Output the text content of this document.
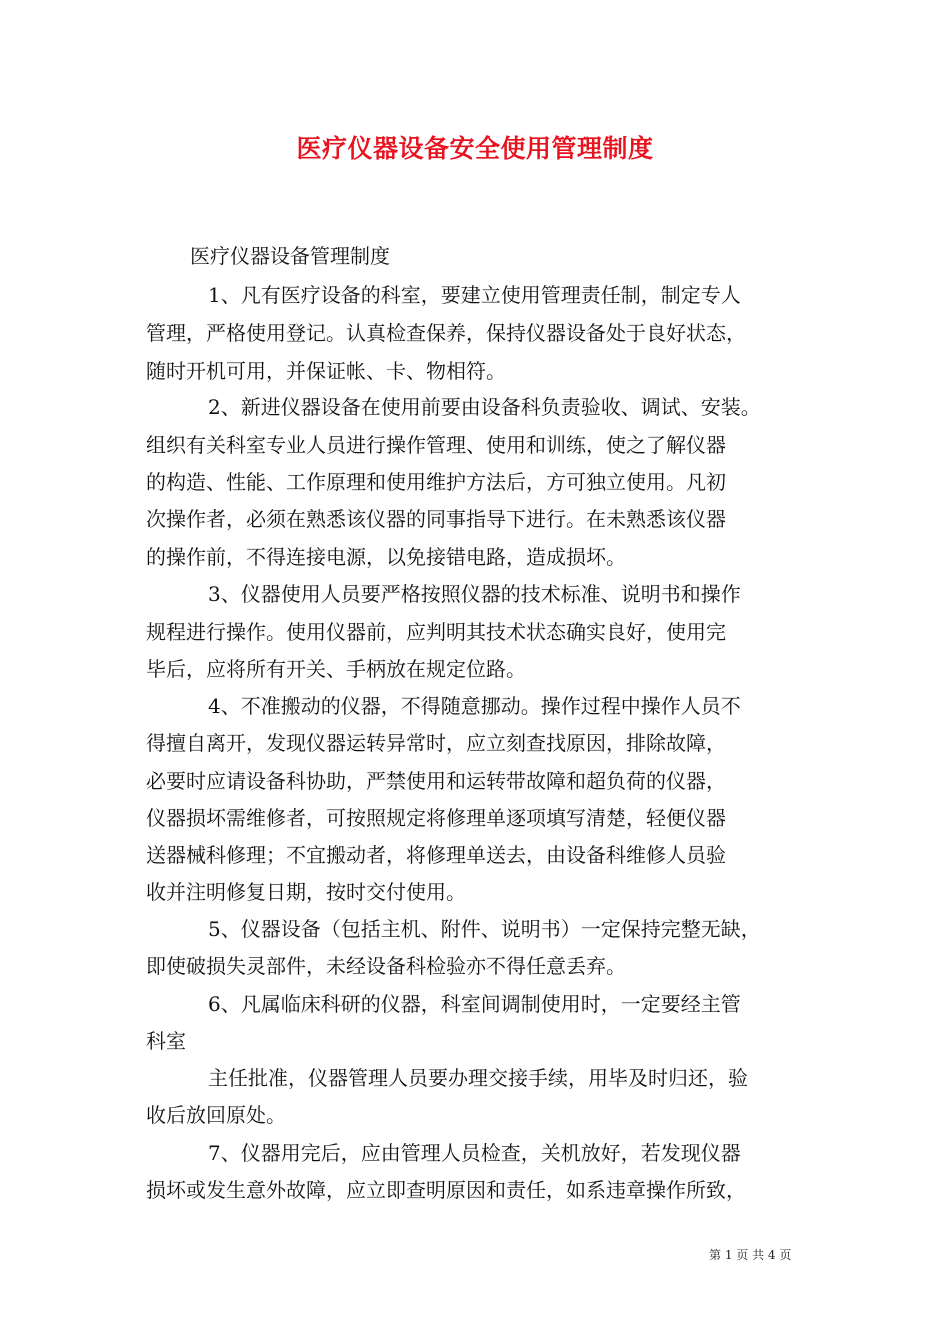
医疗仪器设备安全使用管理制度
医疗仪器设备管理制度
1、凡有医疗设备的科室，要建立使用管理责任制，制定专人
管理，严格使用登记。认真检查保养，保持仪器设备处于良好状态，
随时开机可用，并保证帐、卡、物相符。
2、新进仪器设备在使用前要由设备科负责验收、调试、安装。
组织有关科室专业人员进行操作管理、使用和训练，使之了解仪器
的构造、性能、工作原理和使用维护方法后，方可独立使用。凡初
次操作者，必须在熟悉该仪器的同事指导下进行。在未熟悉该仪器
的操作前，不得连接电源，以免接错电路，造成损坏。
3、仪器使用人员要严格按照仪器的技术标准、说明书和操作
规程进行操作。使用仪器前，应判明其技术状态确实良好，使用完
毕后，应将所有开关、手柄放在规定位路。
4、不准搬动的仪器，不得随意挪动。操作过程中操作人员不
得擅自离开，发现仪器运转异常时，应立刻查找原因，排除故障，
必要时应请设备科协助，严禁使用和运转带故障和超负荷的仪器，
仪器损坏需维修者，可按照规定将修理单逐项填写清楚，轻便仪器
送器械科修理；不宜搬动者，将修理单送去，由设备科维修人员验
收并注明修复日期，按时交付使用。
5、仪器设备（包括主机、附件、说明书）一定保持完整无缺，
即使破损失灵部件，未经设备科检验亦不得任意丢弃。
6、凡属临床科研的仪器，科室间调制使用时，一定要经主管
科室
主任批准，仪器管理人员要办理交接手续，用毕及时归还，验
收后放回原处。
7、仪器用完后，应由管理人员检查，关机放好，若发现仪器
损坏或发生意外故障，应立即查明原因和责任，如系违章操作所致，
第 1 页 共 4 页
